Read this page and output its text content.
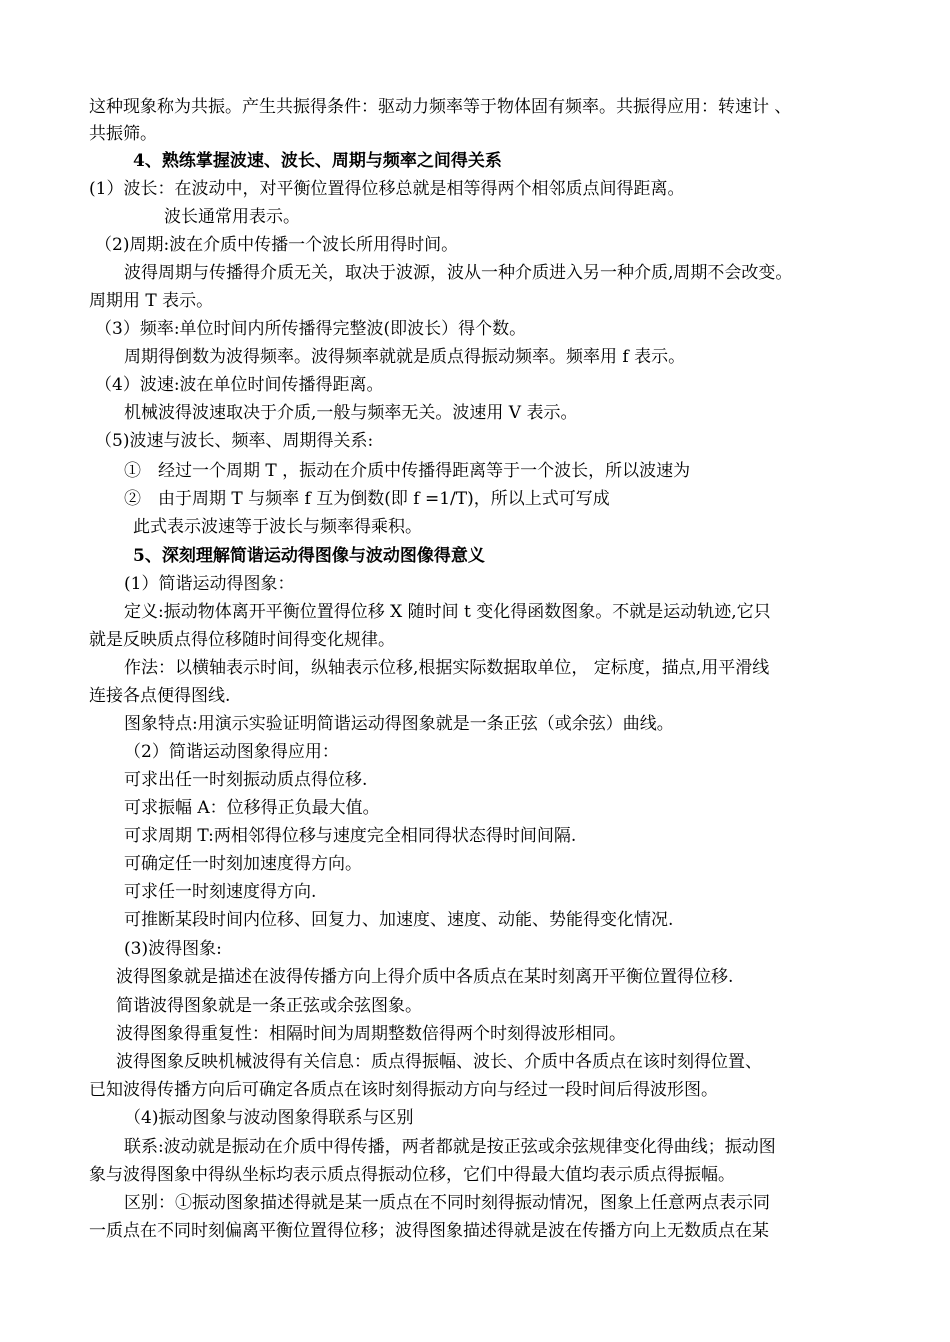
这种现象称为共振。产生共振得条件：驱动力频率等于物体固有频率。共振得应用：转速计 、
共振筛。
4、熟练掌握波速、波长、周期与频率之间得关系
(1）波长：在波动中，对平衡位置得位移总就是相等得两个相邻质点间得距离。
波长通常用表示。
（2)周期:波在介质中传播一个波长所用得时间。
波得周期与传播得介质无关，取决于波源，波从一种介质进入另一种介质,周期不会改变。
周期用 T 表示。
（3）频率:单位时间内所传播得完整波(即波长）得个数。
周期得倒数为波得频率。波得频率就就是质点得振动频率。频率用 f 表示。
（4）波速:波在单位时间传播得距离。
机械波得波速取决于介质,一般与频率无关。波速用 V 表示。
（5)波速与波长、频率、周期得关系:
①　经过一个周期 T ，振动在介质中传播得距离等于一个波长，所以波速为
②　由于周期 T 与频率 f 互为倒数(即 f =1/T)，所以上式可写成
此式表示波速等于波长与频率得乘积。
5、深刻理解简谐运动得图像与波动图像得意义
(1）简谐运动得图象：
定义:振动物体离开平衡位置得位移 X 随时间 t 变化得函数图象。不就是运动轨迹,它只
就是反映质点得位移随时间得变化规律。
作法：以横轴表示时间，纵轴表示位移,根据实际数据取单位， 定标度，描点,用平滑线
连接各点便得图线.
图象特点:用演示实验证明简谐运动得图象就是一条正弦（或余弦）曲线。
（2）简谐运动图象得应用：
可求出任一时刻振动质点得位移.
可求振幅 A：位移得正负最大值。
可求周期 T:两相邻得位移与速度完全相同得状态得时间间隔.
可确定任一时刻加速度得方向。
可求任一时刻速度得方向.
可推断某段时间内位移、回复力、加速度、速度、动能、势能得变化情况.
(3)波得图象:
波得图象就是描述在波得传播方向上得介质中各质点在某时刻离开平衡位置得位移.
简谐波得图象就是一条正弦或余弦图象。
波得图象得重复性：相隔时间为周期整数倍得两个时刻得波形相同。
波得图象反映机械波得有关信息：质点得振幅、波长、介质中各质点在该时刻得位置、
已知波得传播方向后可确定各质点在该时刻得振动方向与经过一段时间后得波形图。
（4)振动图象与波动图象得联系与区别
联系:波动就是振动在介质中得传播，两者都就是按正弦或余弦规律变化得曲线；振动图
象与波得图象中得纵坐标均表示质点得振动位移，它们中得最大值均表示质点得振幅。
区别：①振动图象描述得就是某一质点在不同时刻得振动情况，图象上任意两点表示同
一质点在不同时刻偏离平衡位置得位移；波得图象描述得就是波在传播方向上无数质点在某
